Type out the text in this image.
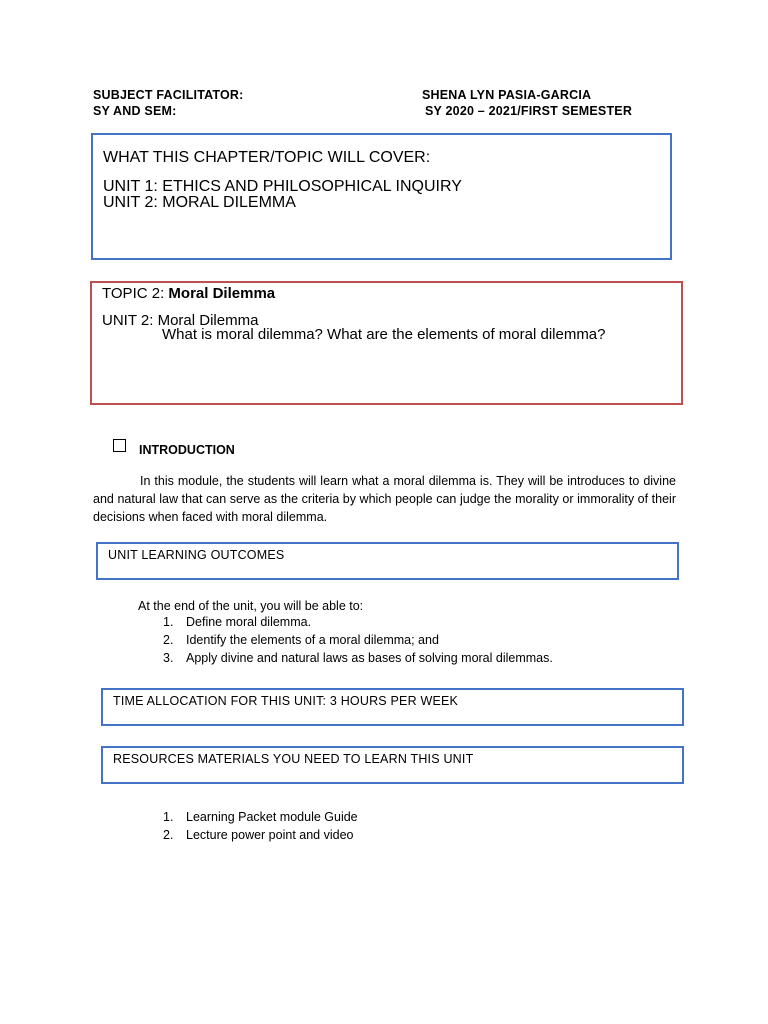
SUBJECT FACILITATOR:	SHENA LYN PASIA-GARCIA
SY AND SEM:	SY 2020 – 2021/FIRST SEMESTER
WHAT THIS CHAPTER/TOPIC WILL COVER:
UNIT 1: ETHICS AND PHILOSOPHICAL INQUIRY
UNIT 2: MORAL DILEMMA
TOPIC 2: Moral Dilemma
UNIT 2: Moral Dilemma
What is moral dilemma? What are the elements of moral dilemma?
INTRODUCTION
In this module, the students will learn what a moral dilemma is. They will be introduces to divine and natural law that can serve as the criteria by which people can judge the morality or immorality of their decisions when faced with moral dilemma.
UNIT LEARNING OUTCOMES
At the end of the unit, you will be able to:
1. Define moral dilemma.
2. Identify the elements of a moral dilemma; and
3. Apply divine and natural laws as bases of solving moral dilemmas.
TIME ALLOCATION FOR THIS UNIT: 3 HOURS PER WEEK
RESOURCES MATERIALS YOU NEED TO LEARN THIS UNIT
1. Learning Packet module Guide
2. Lecture power point and video
